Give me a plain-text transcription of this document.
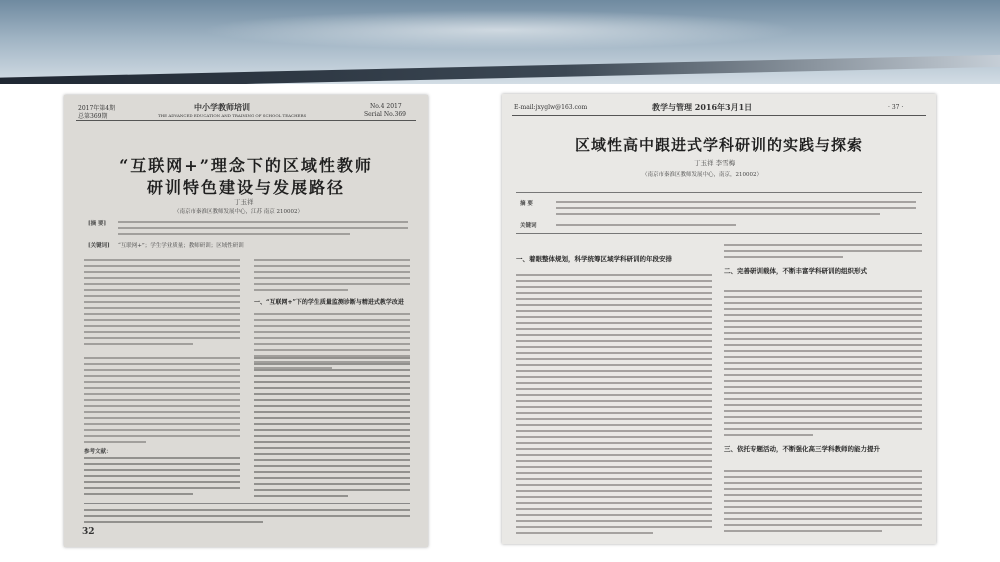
2017年第4期
总第369期
中小学教师培训
THE ADVANCED EDUCATION AND TRAINING OF SCHOOL TEACHERS
No.4 2017
Serial No.369
“互联网+”理念下的区域性教师
研训特色建设与发展路径
丁玉祥
（南京市秦淮区教师发展中心，江苏 南京 210002）
[摘 要]
[关键词] “互联网+”；学生学业质量；教师研训；区域性研训
一、“互联网+”下的学生质量监测诊断与精进式教学改进
参考文献：
32
E-mail:jxyglw@163.com	教学与管理 2016年3月1日	· 37 ·
区域性高中跟进式学科研训的实践与探索
丁玉祥 李雪梅
（南京市秦淮区教师发展中心，南京，210002）
摘 要
关键词
一、着眼整体规划，科学统筹区域学科研训的年段安排
二、完善研训载体，不断丰富学科研训的组织形式
三、依托专题活动，不断强化高三学科教师的能力提升
